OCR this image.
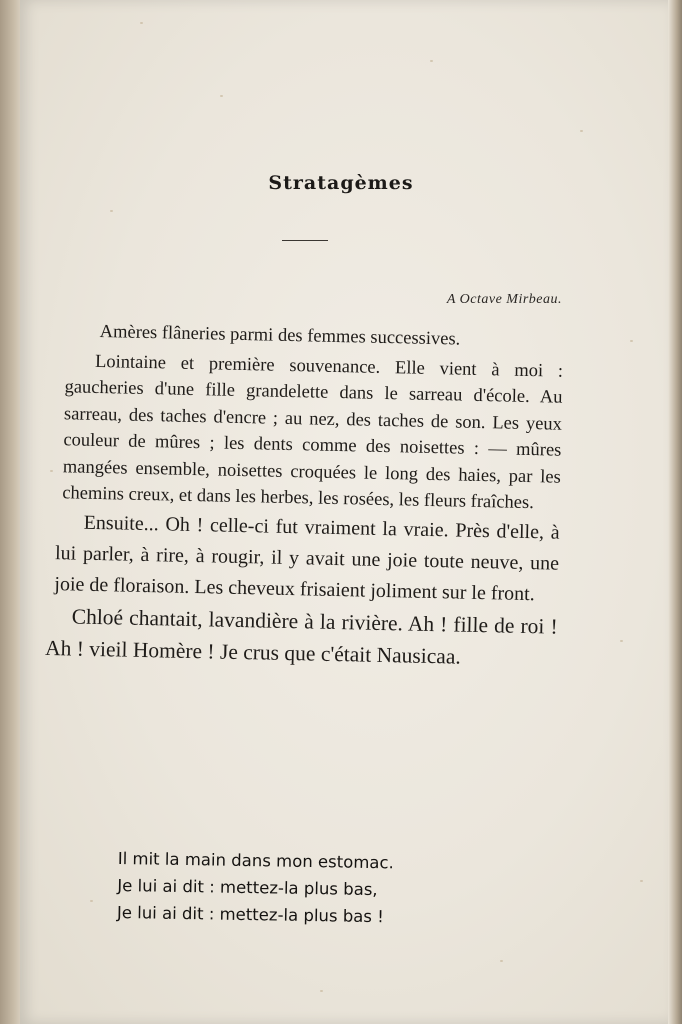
Stratagèmes
A Octave Mirbeau.

Amères flâneries parmi des femmes successives.

Lointaine et première souvenance. Elle vient à moi : gaucheries d'une fille grandelette dans le sarreau d'école. Au sarreau, des taches d'encre ; au nez, des taches de son. Les yeux couleur de mûres ; les dents comme des noisettes : — mûres mangées ensemble, noisettes croquées le long des haies, par les chemins creux, et dans les herbes, les rosées, les fleurs fraîches.

Ensuite... Oh ! celle-ci fut vraiment la vraie. Près d'elle, à lui parler, à rire, à rougir, il y avait une joie toute neuve, une joie de floraison. Les cheveux frisaient joliment sur le front.

Chloé chantait, lavandière à la rivière. Ah ! fille de roi ! Ah ! vieil Homère ! Je crus que c'était Nausicaa.

Il mit la main dans mon estomac.
Je lui ai dit : mettez-la plus bas,
Je lui ai dit : mettez-la plus bas !
